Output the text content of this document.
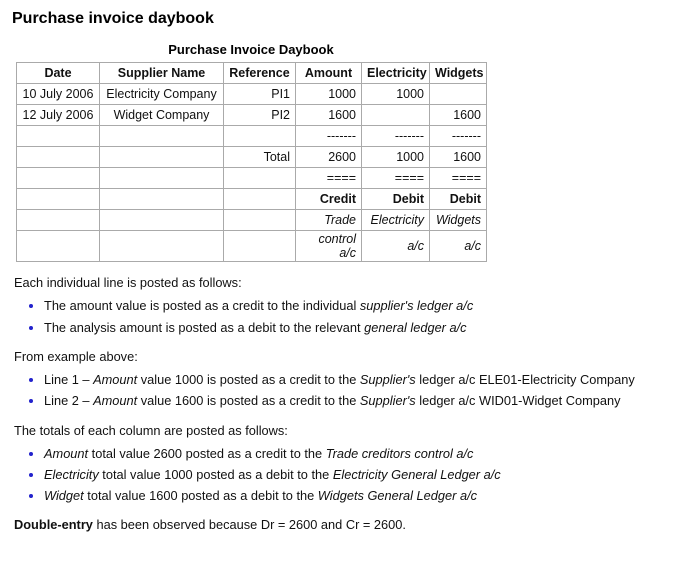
Purchase invoice daybook
Purchase Invoice Daybook
Date	Supplier Name	Reference	Amount	Electricity	Widgets
10 July 2006	Electricity Company	PI1	1000	1000	
12 July 2006	Widget Company	PI2	1600		1600
			-------	-------	-------
		Total	2600	1000	1600
			====	====	====
			Credit	Debit	Debit
			Trade	Electricity	Widgets
			control a/c	a/c	a/c
Each individual line is posted as follows:
• The amount value is posted as a credit to the individual supplier's ledger a/c
• The analysis amount is posted as a debit to the relevant general ledger a/c
From example above:
• Line 1 – Amount value 1000 is posted as a credit to the Supplier's ledger a/c ELE01-Electricity Company
• Line 2 – Amount value 1600 is posted as a credit to the Supplier's ledger a/c WID01-Widget Company
The totals of each column are posted as follows:
• Amount total value 2600 posted as a credit to the Trade creditors control a/c
• Electricity total value 1000 posted as a debit to the Electricity General Ledger a/c
• Widget total value 1600 posted as a debit to the Widgets General Ledger a/c
Double-entry has been observed because Dr = 2600 and Cr = 2600.
